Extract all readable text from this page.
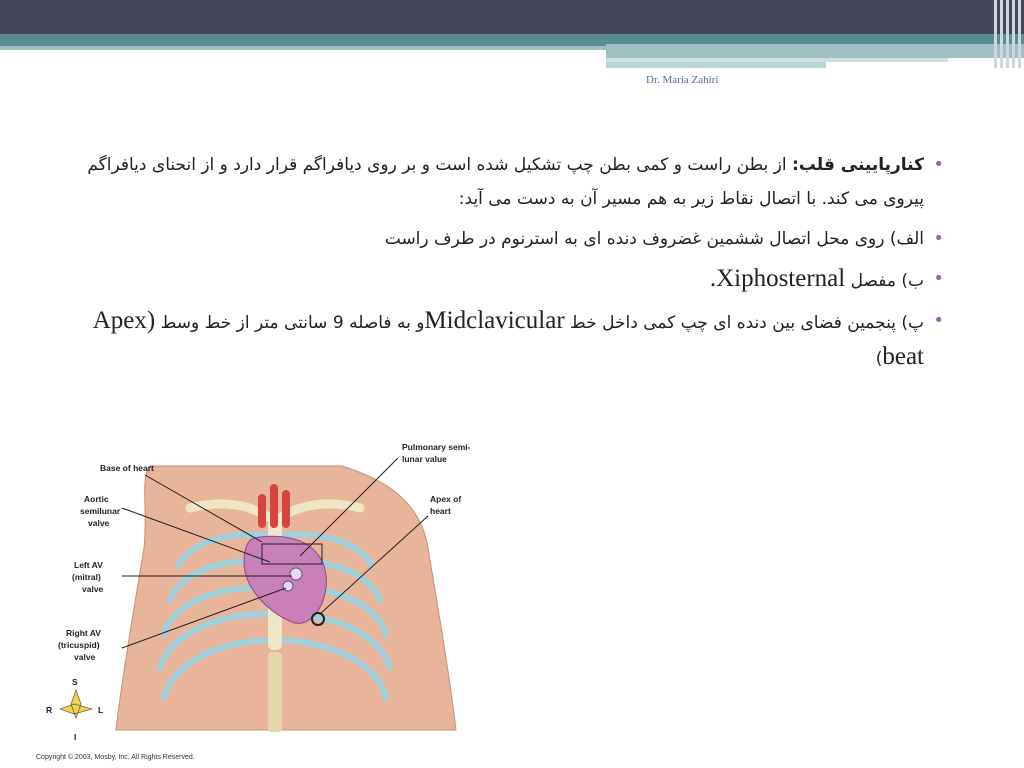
Dr. Maria Zahiri
• کنارپایینی قلب: از بطن راست و کمی بطن چپ تشکیل شده است و بر روی دیافراگم قرار دارد و از انحنای دیافراگم پیروی می کند. با اتصال نقاط زیر به هم مسیر آن به دست می آید:
• الف) روی محل اتصال ششمین غضروف دنده ای به استرنوم در طرف راست
• ب) مفصل Xiphosternal.
• پ) پنجمین فضای بین دنده ای چپ کمی داخل خط Midclavicularو به فاصله 9 سانتی متر از خط وسط (Apex beat)
Base of heart
Pulmonary semi-
lunar value
Aortic
semilunar
valve
Apex of
heart
Left AV
(mitral)
valve
Right AV
(tricuspid)
valve
S
R	L
I
Copyright © 2003, Mosby, Inc. All Rights Reserved.
